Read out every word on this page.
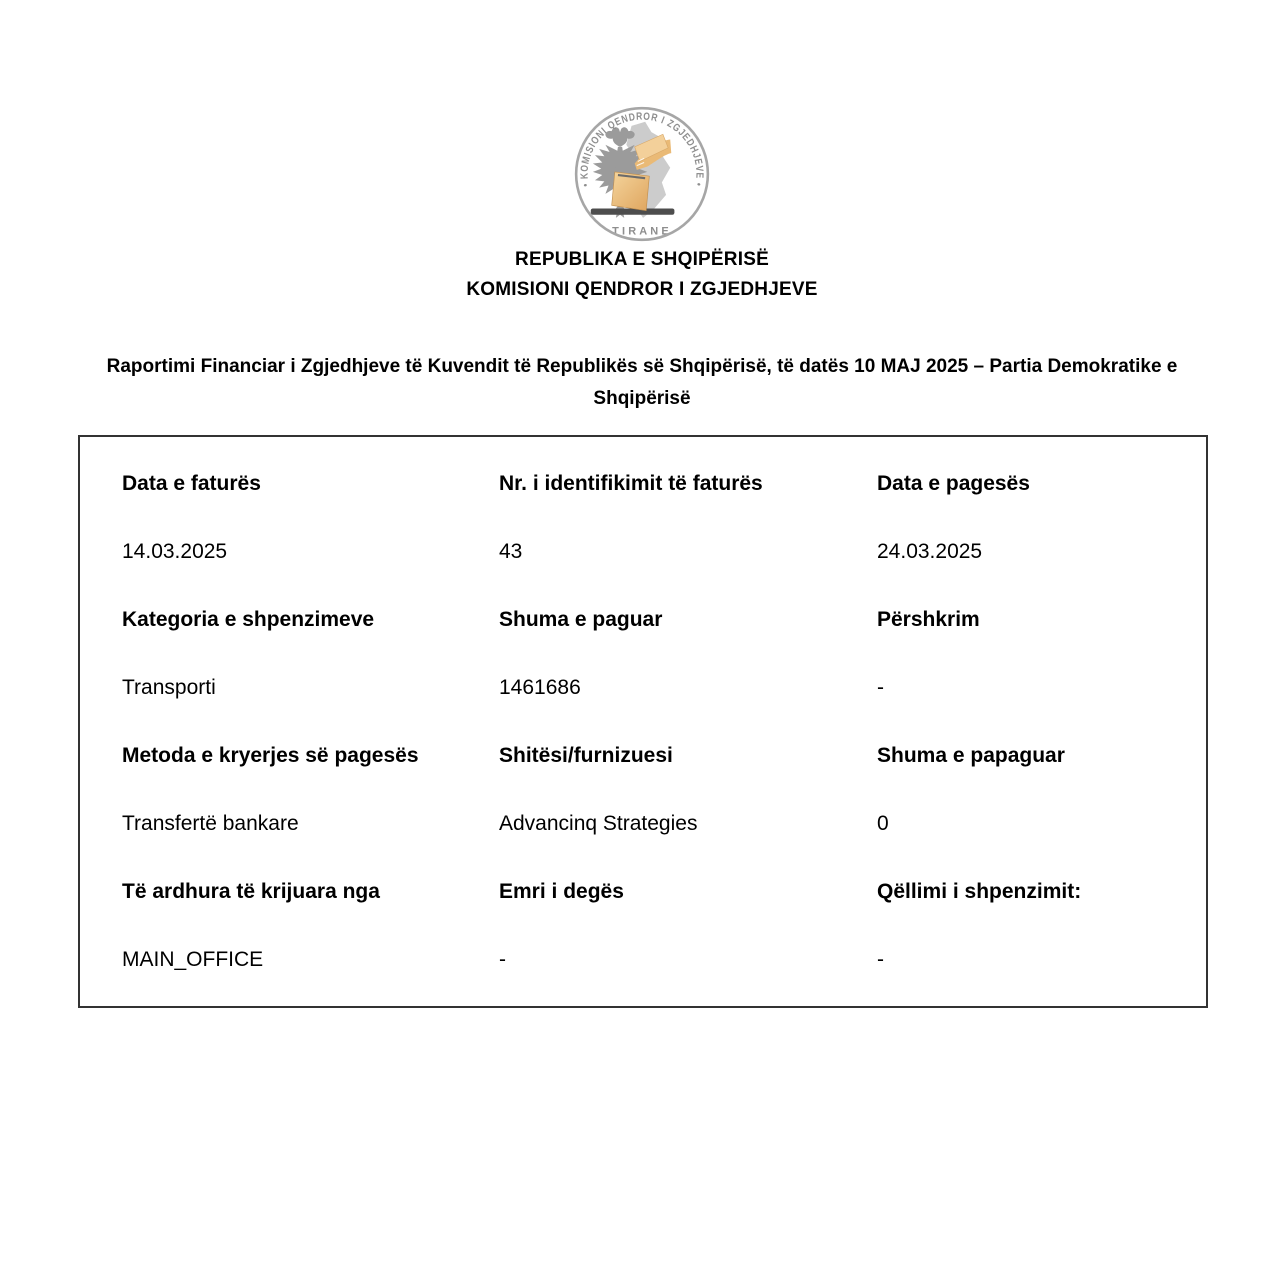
• KOMISIONI QENDROR I ZGJEDHJEVE •
TIRANE
REPUBLIKA E SHQIPËRISË
KOMISIONI QENDROR I ZGJEDHJEVE
Raportimi Financiar i Zgjedhjeve të Kuvendit të Republikës së Shqipërisë, të datës 10 MAJ 2025 – Partia Demokratike e
Shqipërisë
Data e faturës	Nr. i identifikimit të faturës	Data e pagesës
14.03.2025	43	24.03.2025
Kategoria e shpenzimeve	Shuma e paguar	Përshkrim
Transporti	1461686	-
Metoda e kryerjes së pagesës	Shitësi/furnizuesi	Shuma e papaguar
Transfertë bankare	Advancinq Strategies	0
Të ardhura të krijuara nga	Emri i degës	Qëllimi i shpenzimit:
MAIN_OFFICE	-	-
